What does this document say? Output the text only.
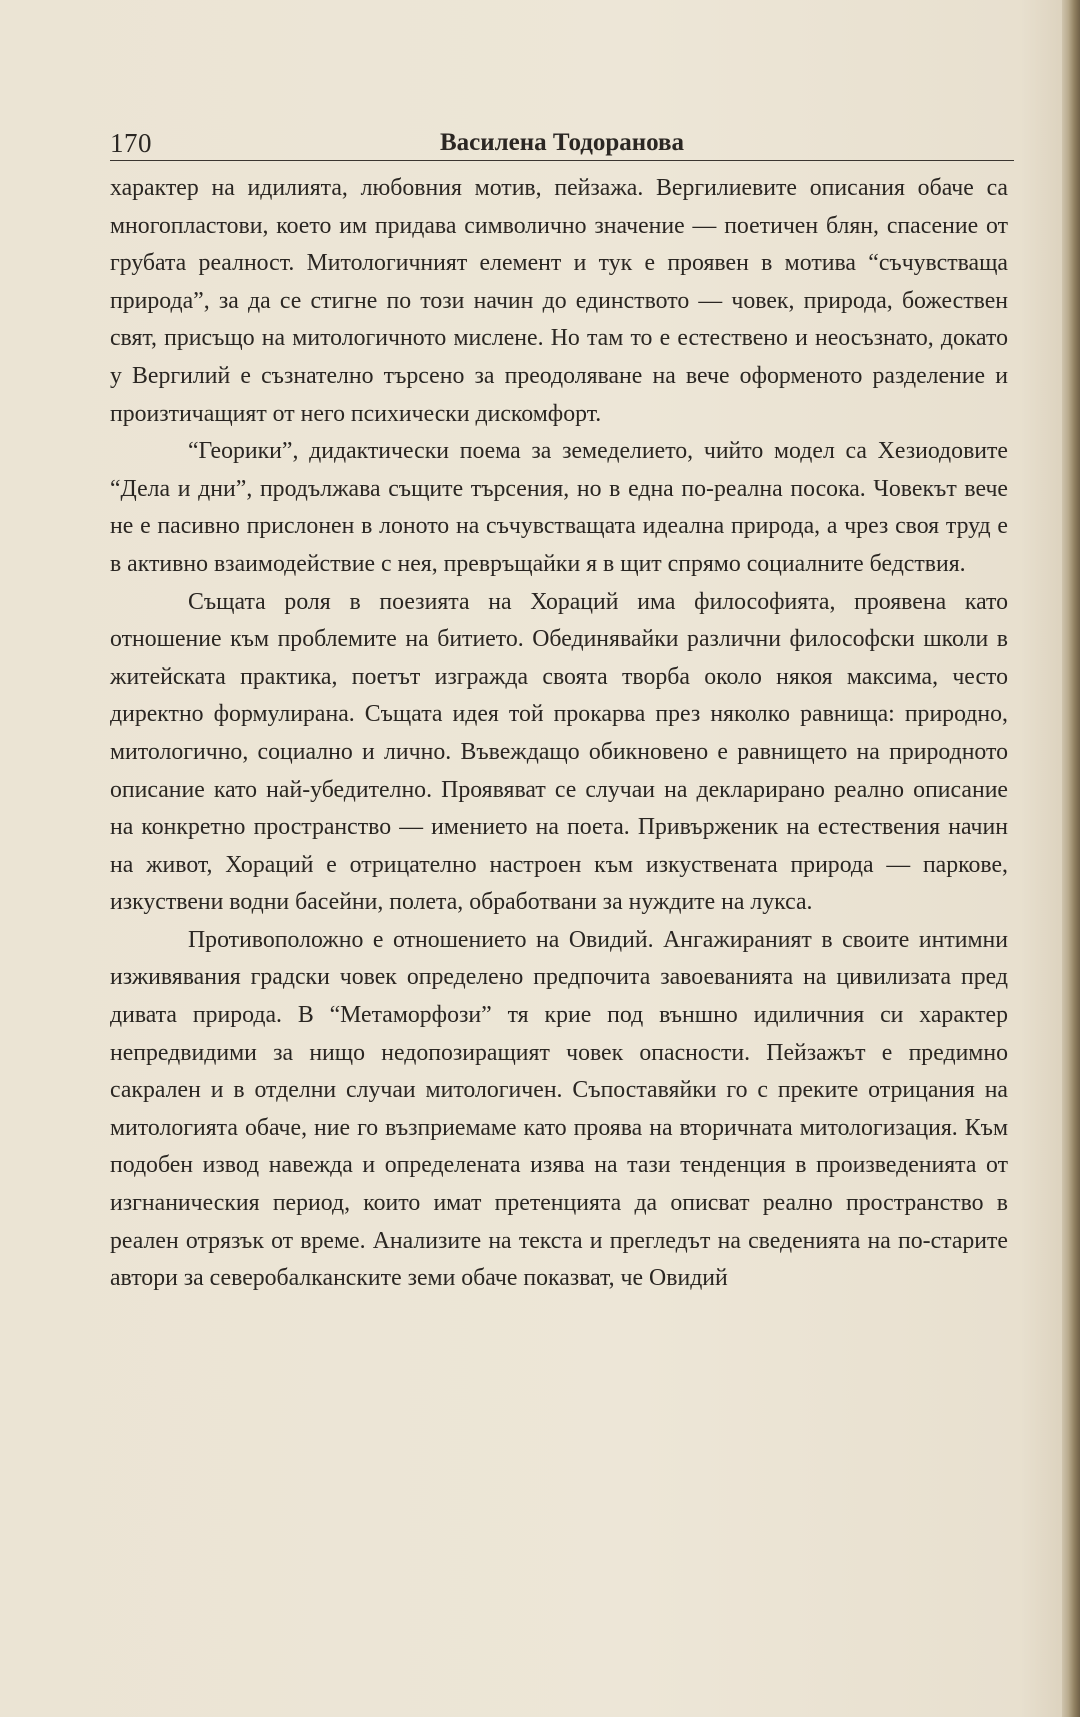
170	Василена Тодоранова

характер на идилията, любовния мотив, пейзажа. Вергилиевите описания обаче са многопластови, което им придава символично значение — поетичен блян, спасение от грубата реалност. Митологичният елемент и тук е проявен в мотива “съчувстваща природа”, за да се стигне по този начин до единството — човек, природа, божествен свят, присъщо на митологичното мислене. Но там то е естествено и неосъзнато, докато у Вергилий е съзнателно търсено за преодоляване на вече оформеното разделение и произтичащият от него психически дискомфорт.

“Георики”, дидактически поема за земеделието, чийто модел са Хезиодовите “Дела и дни”, продължава същите търсения, но в една по-реална посока. Човекът вече не е пасивно прислонен в лоното на съчувстващата идеална природа, а чрез своя труд е в активно взаимодействие с нея, превръщайки я в щит спрямо социалните бедствия.

Същата роля в поезията на Хораций има философията, проявена като отношение към проблемите на битието. Обединявайки различни философски школи в житейската практика, поетът изгражда своята творба около някоя максима, често директно формулирана. Същата идея той прокарва през няколко равнища: природно, митологично, социално и лично. Въвеждащо обикновено е равнището на природното описание като най-убедително. Проявяват се случаи на декларирано реално описание на конкретно пространство — имението на поета. Привърженик на естествения начин на живот, Хораций е отрицателно настроен към изкуствената природа — паркове, изкуствени водни басейни, полета, обработвани за нуждите на лукса.

Противоположно е отношението на Овидий. Ангажираният в своите интимни изживявания градски човек определено предпочита завоеванията на цивилизата пред дивата природа. В “Метаморфози” тя крие под външно идиличния си характер непредвидими за нищо недопозиращият човек опасности. Пейзажът е предимно сакрален и в отделни случаи митологичен. Съпоставяйки го с преките отрицания на митологията обаче, ние го възприемаме като проява на вторичната митологизация. Към подобен извод навежда и определената изява на тази тенденция в произведенията от изгнаническия период, които имат претенцията да описват реално пространство в реален отрязък от време. Анализите на текста и прегледът на сведенията на по-старите автори за северобалканските земи обаче показват, че Овидий
